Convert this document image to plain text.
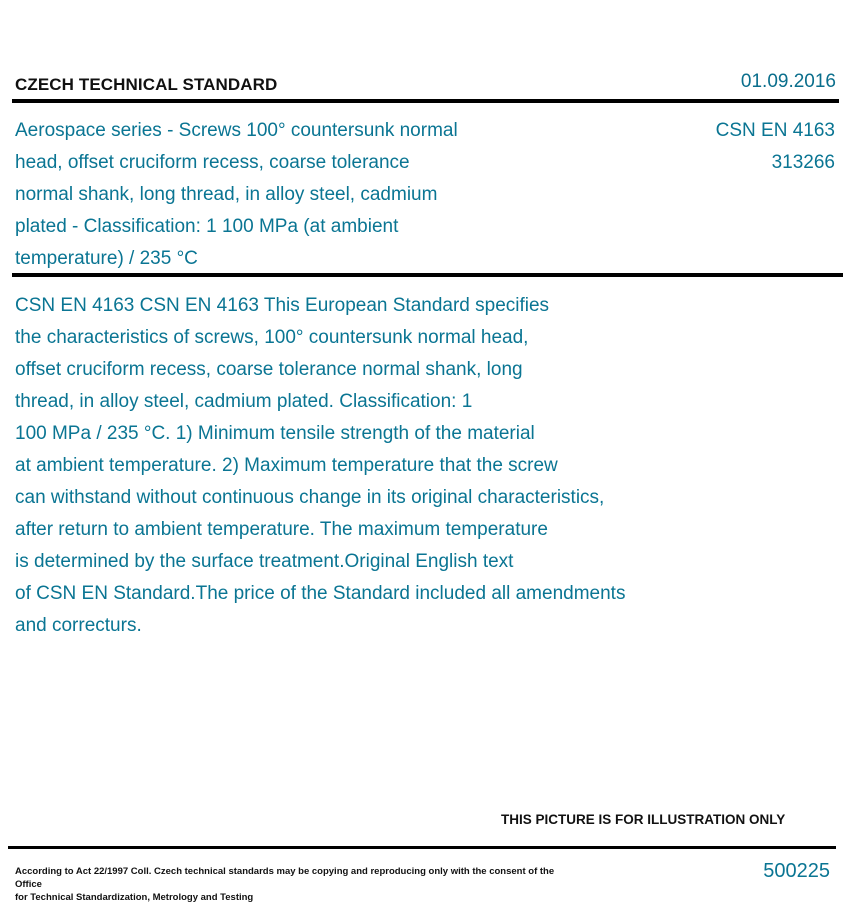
CZECH TECHNICAL STANDARD	01.09.2016
Aerospace series - Screws 100° countersunk normal
head, offset cruciform recess, coarse tolerance
normal shank, long thread, in alloy steel, cadmium
plated - Classification: 1 100 MPa (at ambient
temperature) / 235 °C
CSN EN 4163
313266
CSN EN 4163 CSN EN 4163 This European Standard specifies
the characteristics of screws, 100° countersunk normal head,
offset cruciform recess, coarse tolerance normal shank, long
thread, in alloy steel, cadmium plated. Classification: 1
100 MPa / 235 °C. 1) Minimum tensile strength of the material
at ambient temperature. 2) Maximum temperature that the screw
can withstand without continuous change in its original characteristics,
after return to ambient temperature. The maximum temperature
is determined by the surface treatment.Original English text
of CSN EN Standard.The price of the Standard included all amendments
and correcturs.
THIS PICTURE IS FOR ILLUSTRATION ONLY
According to Act 22/1997 Coll. Czech technical standards may be copying and reproducing only with the consent of the Office
for Technical Standardization, Metrology and Testing
500225
